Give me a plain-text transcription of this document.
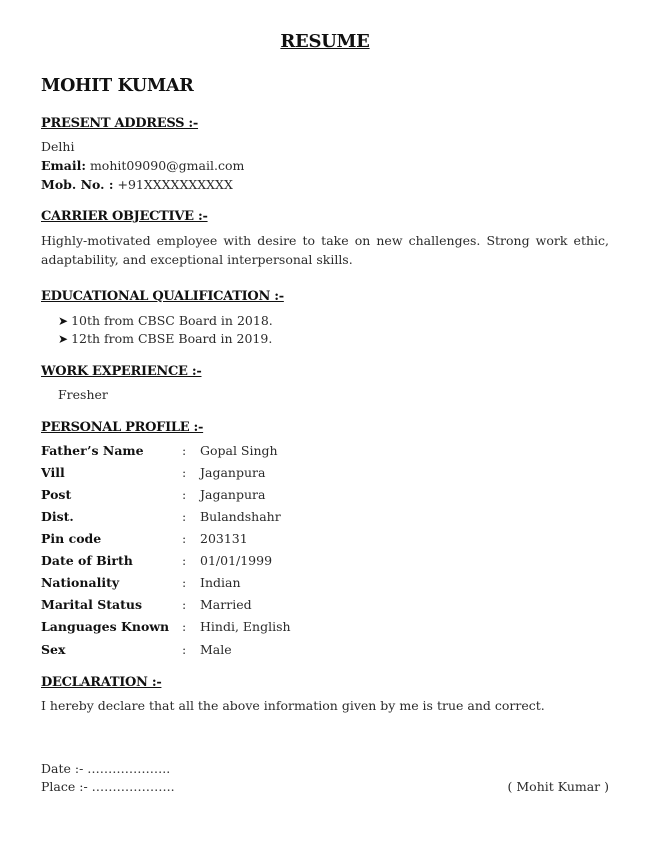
RESUME
MOHIT KUMAR
PRESENT ADDRESS :-
Delhi
Email: mohit09090@gmail.com
Mob. No. : +91XXXXXXXXXX
CARRIER OBJECTIVE :-
Highly-motivated employee with desire to take on new challenges. Strong work ethic, adaptability, and exceptional interpersonal skills.
EDUCATIONAL QUALIFICATION :-
➤ 10th from CBSC Board in 2018.
➤ 12th from CBSE Board in 2019.
WORK EXPERIENCE :-
Fresher
PERSONAL PROFILE :-
Father’s Name	: Gopal Singh
Vill	: Jaganpura
Post	: Jaganpura
Dist.	: Bulandshahr
Pin code	: 203131
Date of Birth	: 01/01/1999
Nationality	: Indian
Marital Status	: Married
Languages Known : Hindi, English
Sex	: Male
DECLARATION :-
I hereby declare that all the above information given by me is true and correct.
Date :- ………………..
Place :- ………………..	( Mohit Kumar )
